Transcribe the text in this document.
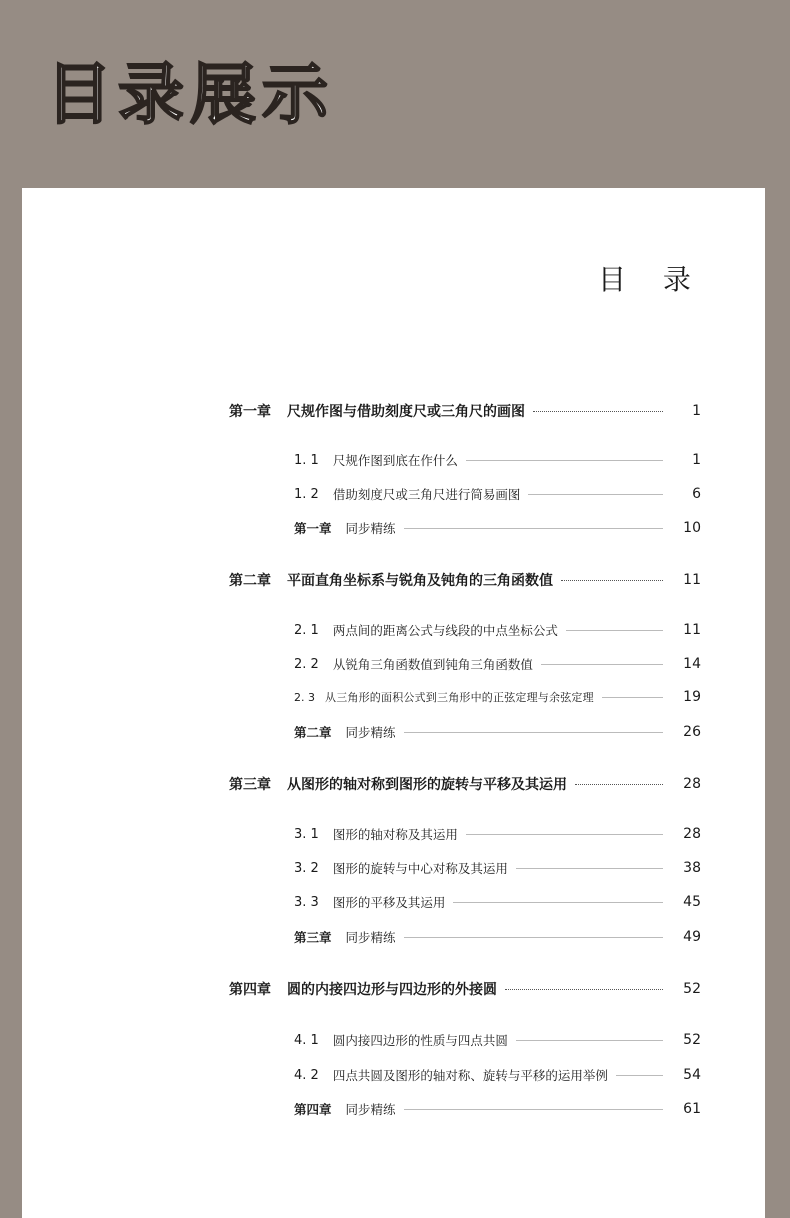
目录展示
目 录
第一章 尺规作图与借助刻度尺或三角尺的画图	1
1. 1 尺规作图到底在作什么	1
1. 2 借助刻度尺或三角尺进行简易画图	6
第一章 同步精练	10
第二章 平面直角坐标系与锐角及钝角的三角函数值	11
2. 1 两点间的距离公式与线段的中点坐标公式	11
2. 2 从锐角三角函数值到钝角三角函数值	14
2. 3 从三角形的面积公式到三角形中的正弦定理与余弦定理	19
第二章 同步精练	26
第三章 从图形的轴对称到图形的旋转与平移及其运用	28
3. 1 图形的轴对称及其运用	28
3. 2 图形的旋转与中心对称及其运用	38
3. 3 图形的平移及其运用	45
第三章 同步精练	49
第四章 圆的内接四边形与四边形的外接圆	52
4. 1 圆内接四边形的性质与四点共圆	52
4. 2 四点共圆及图形的轴对称、旋转与平移的运用举例	54
第四章 同步精练	61
